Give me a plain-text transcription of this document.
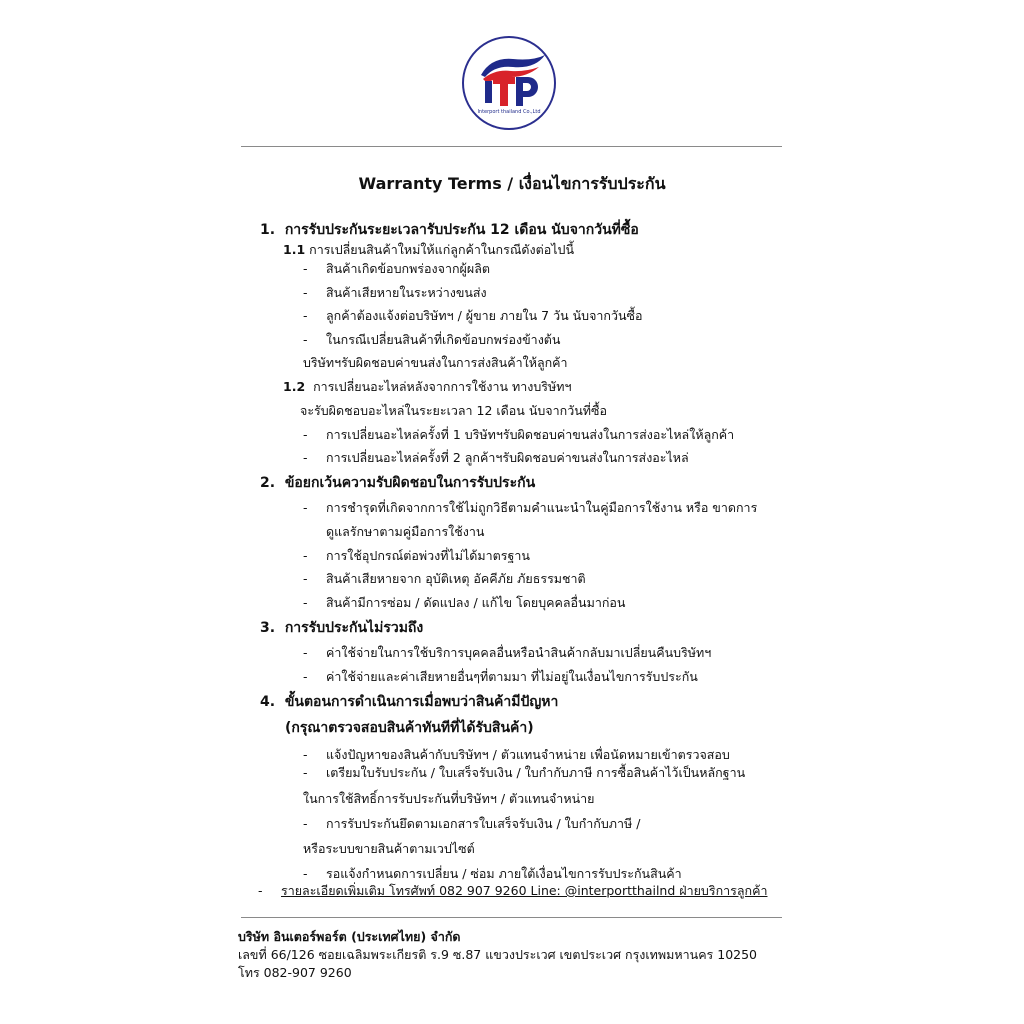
Interport thailand Co.,Ltd
Warranty Terms / เงื่อนไขการรับประกัน
1. การรับประกันระยะเวลารับประกัน 12 เดือน นับจากวันที่ซื้อ
1.1 การเปลี่ยนสินค้าใหม่ให้แก่ลูกค้าในกรณีดังต่อไปนี้
- สินค้าเกิดข้อบกพร่องจากผู้ผลิต
- สินค้าเสียหายในระหว่างขนส่ง
- ลูกค้าต้องแจ้งต่อบริษัทฯ / ผู้ขาย ภายใน 7 วัน นับจากวันซื้อ
- ในกรณีเปลี่ยนสินค้าที่เกิดข้อบกพร่องข้างต้น
บริษัทฯรับผิดชอบค่าขนส่งในการส่งสินค้าให้ลูกค้า
1.2 การเปลี่ยนอะไหล่หลังจากการใช้งาน ทางบริษัทฯ
จะรับผิดชอบอะไหล่ในระยะเวลา 12 เดือน นับจากวันที่ซื้อ
- การเปลี่ยนอะไหล่ครั้งที่ 1 บริษัทฯรับผิดชอบค่าขนส่งในการส่งอะไหล่ให้ลูกค้า
- การเปลี่ยนอะไหล่ครั้งที่ 2 ลูกค้าฯรับผิดชอบค่าขนส่งในการส่งอะไหล่
2. ข้อยกเว้นความรับผิดชอบในการรับประกัน
- การชำรุดที่เกิดจากการใช้ไม่ถูกวิธีตามคำแนะนำในคู่มือการใช้งาน หรือ ขาดการ
ดูแลรักษาตามคู่มือการใช้งาน
- การใช้อุปกรณ์ต่อพ่วงที่ไม่ได้มาตรฐาน
- สินค้าเสียหายจาก อุบัติเหตุ อัคคีภัย ภัยธรรมชาติ
- สินค้ามีการซ่อม / ดัดแปลง / แก้ไข โดยบุคคลอื่นมาก่อน
3. การรับประกันไม่รวมถึง
- ค่าใช้จ่ายในการใช้บริการบุคคลอื่นหรือนำสินค้ากลับมาเปลี่ยนคืนบริษัทฯ
- ค่าใช้จ่ายและค่าเสียหายอื่นๆที่ตามมา ที่ไม่อยู่ในเงื่อนไขการรับประกัน
4. ขั้นตอนการดำเนินการเมื่อพบว่าสินค้ามีปัญหา
(กรุณาตรวจสอบสินค้าทันทีที่ได้รับสินค้า)
- แจ้งปัญหาของสินค้ากับบริษัทฯ / ตัวแทนจำหน่าย เพื่อนัดหมายเข้าตรวจสอบ
- เตรียมใบรับประกัน / ใบเสร็จรับเงิน / ใบกำกับภาษี การซื้อสินค้าไว้เป็นหลักฐาน
ในการใช้สิทธิ์การรับประกันที่บริษัทฯ / ตัวแทนจำหน่าย
- การรับประกันยึดตามเอกสารใบเสร็จรับเงิน / ใบกำกับภาษี /
หรือระบบขายสินค้าตามเวปไซต์
- รอแจ้งกำหนดการเปลี่ยน / ซ่อม ภายใต้เงื่อนไขการรับประกันสินค้า
- รายละเอียดเพิ่มเติม โทรศัพท์ 082 907 9260 Line: @interportthailnd ฝ่ายบริการลูกค้า
บริษัท อินเตอร์พอร์ต (ประเทศไทย) จำกัด
เลขที่ 66/126 ซอยเฉลิมพระเกียรติ ร.9 ซ.87 แขวงประเวศ เขตประเวศ กรุงเทพมหานคร 10250
โทร 082-907 9260
